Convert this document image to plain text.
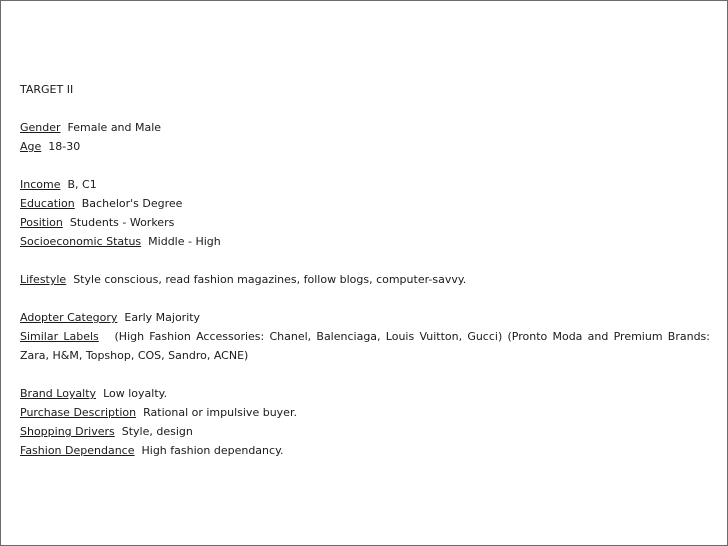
TARGET II
Gender Female and Male
Age 18-30
Income B, C1
Education Bachelor's Degree
Position Students - Workers
Socioeconomic Status Middle - High
Lifestyle Style conscious, read fashion magazines, follow blogs, computer-savvy.
Adopter Category Early Majority
Similar Labels (High Fashion Accessories: Chanel, Balenciaga, Louis Vuitton, Gucci) (Pronto Moda and Premium Brands: Zara, H&M, Topshop, COS, Sandro, ACNE)
Brand Loyalty Low loyalty.
Purchase Description Rational or impulsive buyer.
Shopping Drivers Style, design
Fashion Dependance High fashion dependancy.
